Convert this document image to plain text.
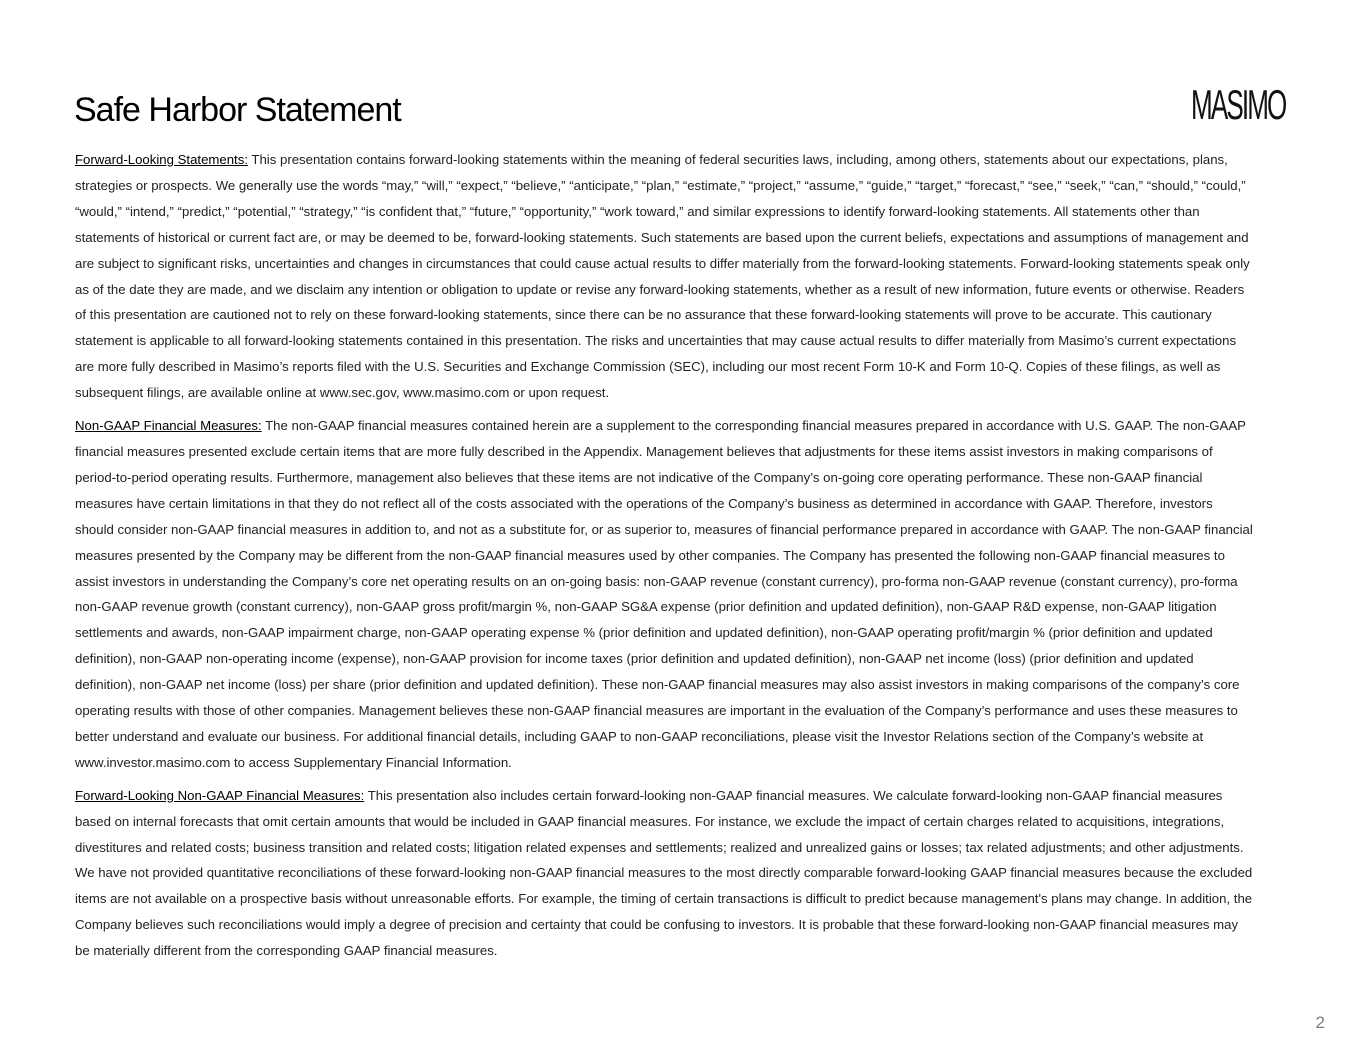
Safe Harbor Statement	MASIMO

Forward-Looking Statements: This presentation contains forward-looking statements within the meaning of federal securities laws, including, among others, statements about our expectations, plans, strategies or prospects. We generally use the words “may,” “will,” “expect,” “believe,” “anticipate,” “plan,” “estimate,” “project,” “assume,” “guide,” “target,” “forecast,” “see,” “seek,” “can,” “should,” “could,” “would,” “intend,” “predict,” “potential,” “strategy,” “is confident that,” “future,” “opportunity,” “work toward,” and similar expressions to identify forward-looking statements. All statements other than statements of historical or current fact are, or may be deemed to be, forward-looking statements. Such statements are based upon the current beliefs, expectations and assumptions of management and are subject to significant risks, uncertainties and changes in circumstances that could cause actual results to differ materially from the forward-looking statements. Forward-looking statements speak only as of the date they are made, and we disclaim any intention or obligation to update or revise any forward-looking statements, whether as a result of new information, future events or otherwise. Readers of this presentation are cautioned not to rely on these forward-looking statements, since there can be no assurance that these forward-looking statements will prove to be accurate. This cautionary statement is applicable to all forward-looking statements contained in this presentation. The risks and uncertainties that may cause actual results to differ materially from Masimo’s current expectations are more fully described in Masimo’s reports filed with the U.S. Securities and Exchange Commission (SEC), including our most recent Form 10-K and Form 10-Q. Copies of these filings, as well as subsequent filings, are available online at www.sec.gov, www.masimo.com or upon request.

Non-GAAP Financial Measures: The non-GAAP financial measures contained herein are a supplement to the corresponding financial measures prepared in accordance with U.S. GAAP. The non-GAAP financial measures presented exclude certain items that are more fully described in the Appendix. Management believes that adjustments for these items assist investors in making comparisons of period-to-period operating results. Furthermore, management also believes that these items are not indicative of the Company’s on-going core operating performance. These non-GAAP financial measures have certain limitations in that they do not reflect all of the costs associated with the operations of the Company’s business as determined in accordance with GAAP. Therefore, investors should consider non-GAAP financial measures in addition to, and not as a substitute for, or as superior to, measures of financial performance prepared in accordance with GAAP. The non-GAAP financial measures presented by the Company may be different from the non-GAAP financial measures used by other companies. The Company has presented the following non-GAAP financial measures to assist investors in understanding the Company’s core net operating results on an on-going basis: non-GAAP revenue (constant currency), pro-forma non-GAAP revenue (constant currency), pro-forma non-GAAP revenue growth (constant currency), non-GAAP gross profit/margin %, non-GAAP SG&A expense (prior definition and updated definition), non-GAAP R&D expense, non-GAAP litigation settlements and awards, non-GAAP impairment charge, non-GAAP operating expense % (prior definition and updated definition), non-GAAP operating profit/margin % (prior definition and updated definition), non-GAAP non-operating income (expense), non-GAAP provision for income taxes (prior definition and updated definition), non-GAAP net income (loss) (prior definition and updated definition), non-GAAP net income (loss) per share (prior definition and updated definition). These non-GAAP financial measures may also assist investors in making comparisons of the company’s core operating results with those of other companies. Management believes these non-GAAP financial measures are important in the evaluation of the Company’s performance and uses these measures to better understand and evaluate our business. For additional financial details, including GAAP to non-GAAP reconciliations, please visit the Investor Relations section of the Company’s website at www.investor.masimo.com to access Supplementary Financial Information.

Forward-Looking Non-GAAP Financial Measures: This presentation also includes certain forward-looking non-GAAP financial measures. We calculate forward-looking non-GAAP financial measures based on internal forecasts that omit certain amounts that would be included in GAAP financial measures. For instance, we exclude the impact of certain charges related to acquisitions, integrations, divestitures and related costs; business transition and related costs; litigation related expenses and settlements; realized and unrealized gains or losses; tax related adjustments; and other adjustments. We have not provided quantitative reconciliations of these forward-looking non-GAAP financial measures to the most directly comparable forward-looking GAAP financial measures because the excluded items are not available on a prospective basis without unreasonable efforts. For example, the timing of certain transactions is difficult to predict because management's plans may change. In addition, the Company believes such reconciliations would imply a degree of precision and certainty that could be confusing to investors. It is probable that these forward-looking non-GAAP financial measures may be materially different from the corresponding GAAP financial measures.

2
